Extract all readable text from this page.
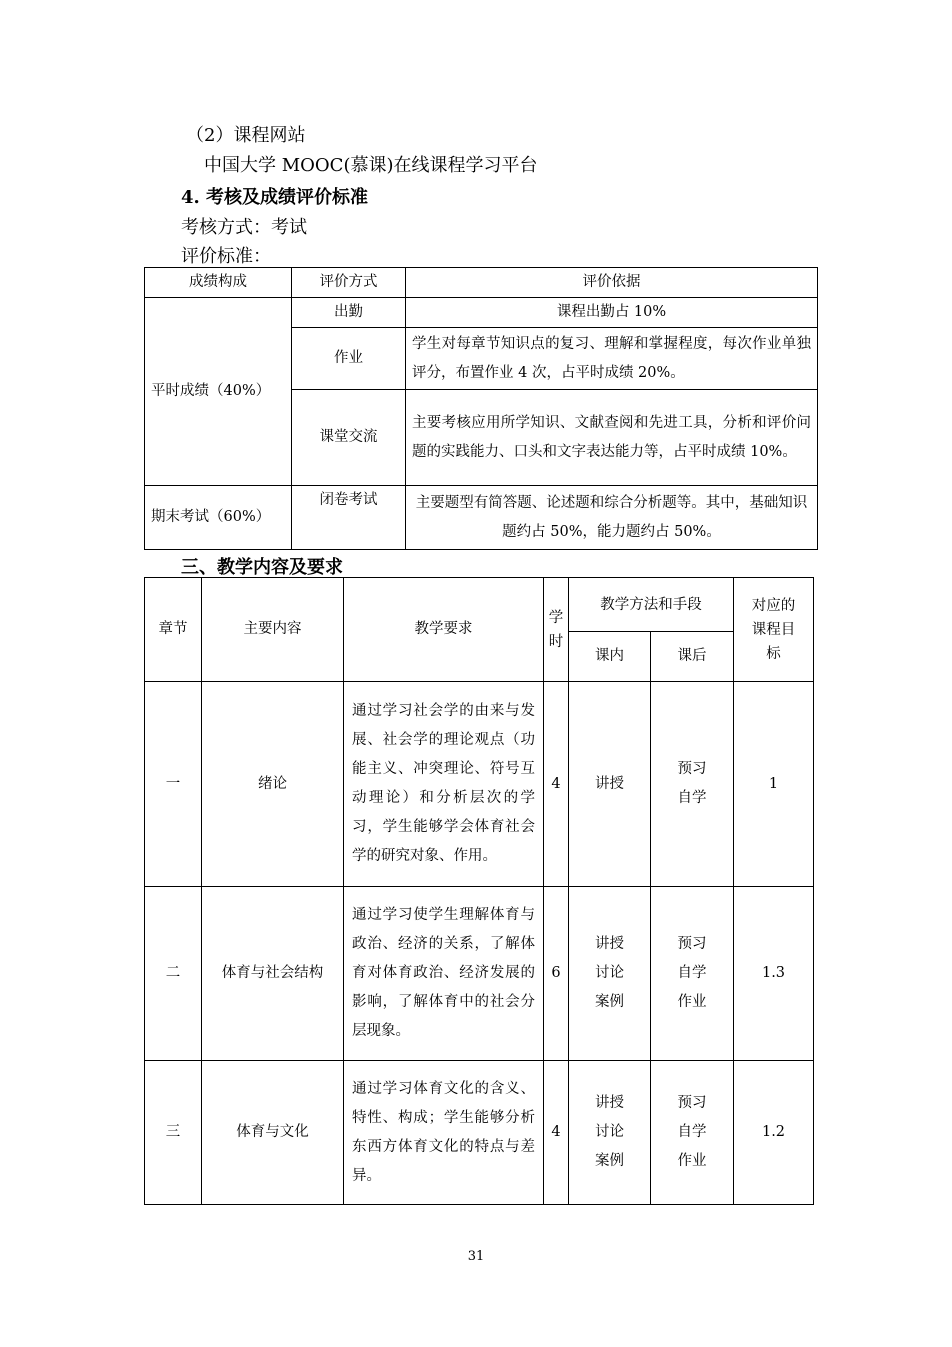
（2）课程网站
中国大学 MOOC(慕课)在线课程学习平台
4. 考核及成绩评价标准
考核方式：考试
评价标准：
成绩构成	评价方式	评价依据
平时成绩（40%）	出勤	课程出勤占 10%
	作业	学生对每章节知识点的复习、理解和掌握程度，每次作业单独评分，布置作业 4 次，占平时成绩 20%。
	课堂交流	主要考核应用所学知识、文献查阅和先进工具，分析和评价问题的实践能力、口头和文字表达能力等，占平时成绩 10%。
期末考试（60%）	闭卷考试	主要题型有简答题、论述题和综合分析题等。其中，基础知识题约占 50%，能力题约占 50%。
三、教学内容及要求
章节	主要内容	教学要求	学时	教学方法和手段		对应的课程目标
				课内	课后	
一	绪论	通过学习社会学的由来与发展、社会学的理论观点（功能主义、冲突理论、符号互动理论）和分析层次的学习，学生能够学会体育社会学的研究对象、作用。	4	讲授	预习自学	1
二	体育与社会结构	通过学习使学生理解体育与政治、经济的关系，了解体育对体育政治、经济发展的影响，了解体育中的社会分层现象。	6	讲授讨论案例	预习自学作业	1.3
三	体育与文化	通过学习体育文化的含义、特性、构成；学生能够分析东西方体育文化的特点与差异。	4	讲授讨论案例	预习自学作业	1.2
31
